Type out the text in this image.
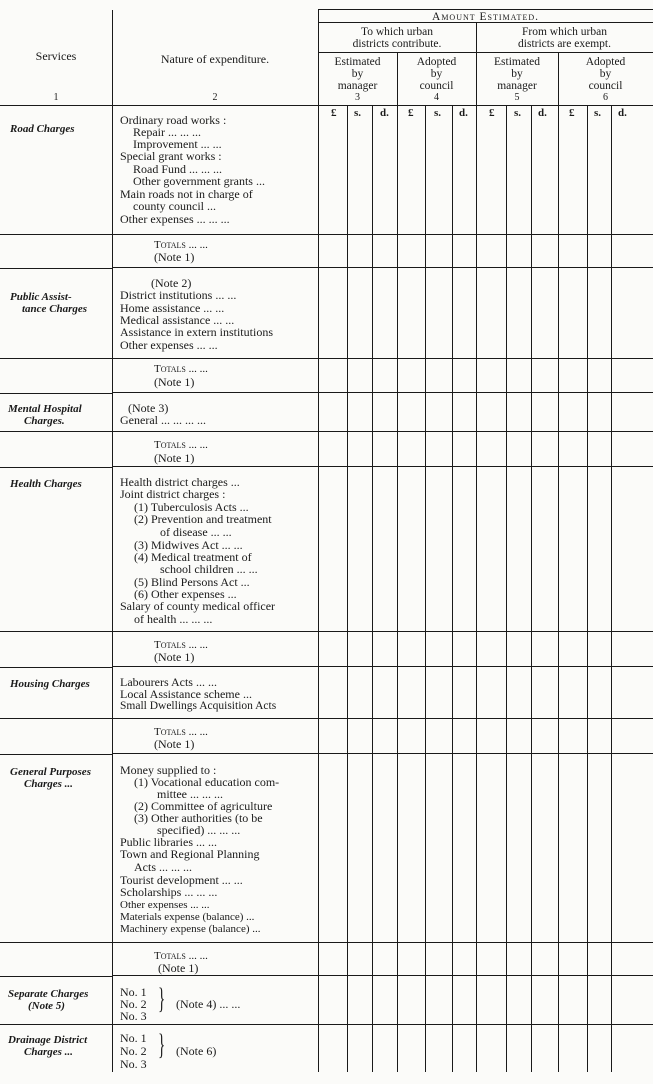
Amount Estimated.
To which urban
districts contribute.
From which urban
districts are exempt.
Estimated
by
manager
3
Adopted
by
council
4
Estimated
by
manager
5
Adopted
by
council
6
Services
1
Nature of expenditure.
2
£ s. d. £ s. d. £ s. d. £ s. d.
Road Charges
Ordinary road works :
Repair ... ... ...
Improvement ... ...
Special grant works :
Road Fund ... ... ...
Other government grants ...
Main roads not in charge of
county council ...
Other expenses ... ... ...
Totals ... ...
(Note 1)
Public Assist-
tance Charges
(Note 2)
District institutions ... ...
Home assistance ... ...
Medical assistance ... ...
Assistance in extern institutions
Other expenses ... ...
Totals ... ...
(Note 1)
Mental Hospital
Charges.
(Note 3)
General ... ... ... ...
Totals ... ...
(Note 1)
Health Charges	Health district charges ...
Joint district charges :
(1) Tuberculosis Acts ...
(2) Prevention and treatment
of disease ... ...
(3) Midwives Act ... ...
(4) Medical treatment of
school children ... ...
(5) Blind Persons Act ...
(6) Other expenses ...
Salary of county medical officer
of health ... ... ...
Totals ... ...
(Note 1)
Housing Charges	Labourers Acts ... ...
Local Assistance scheme ...
Small Dwellings Acquisition Acts
Totals ... ...
(Note 1)
General Purposes
Charges ...
Money supplied to :
(1) Vocational education com-
mittee ... ... ...
(2) Committee of agriculture
(3) Other authorities (to be
specified) ... ... ...
Public libraries ... ...
Town and Regional Planning
Acts ... ... ...
Tourist development ... ...
Scholarships ... ... ...
Other expenses ... ...
Materials expense (balance) ...
Machinery expense (balance) ...
Totals ... ...
(Note 1)
Separate Charges
(Note 5)
No. 1
No. 2
No. 3
} (Note 4) ... ...
Drainage District
Charges ...
No. 1
No. 2
No. 3
} (Note 6)
